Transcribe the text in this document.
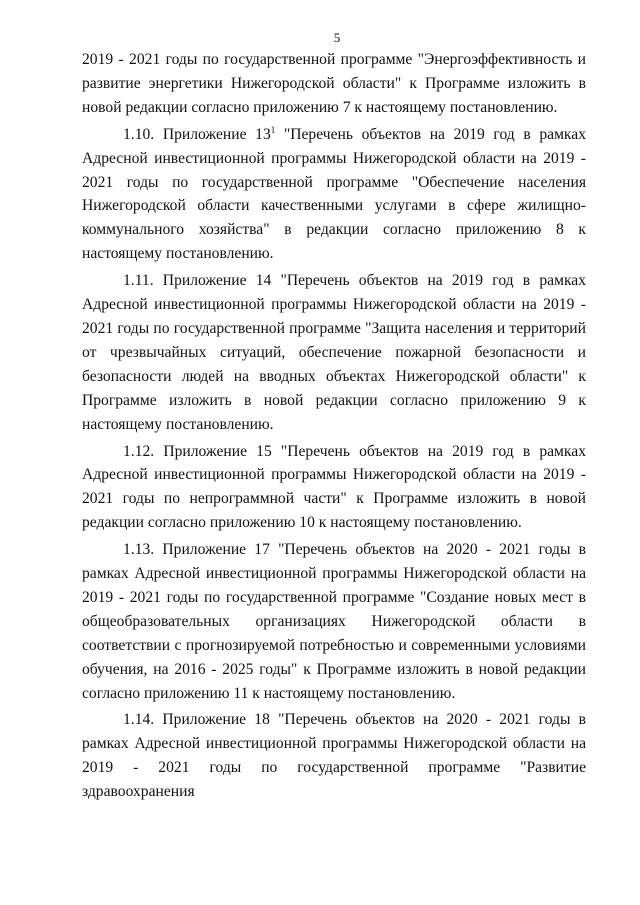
5

2019 - 2021 годы по государственной программе "Энергоэффективность и развитие энергетики Нижегородской области" к Программе изложить в новой редакции согласно приложению 7 к настоящему постановлению.

1.10. Приложение $13^1$ "Перечень объектов на 2019 год в рамках Адресной инвестиционной программы Нижегородской области на 2019 - 2021 годы по государственной программе "Обеспечение населения Нижегородской области качественными услугами в сфере жилищно-коммунального хозяйства" в редакции согласно приложению 8 к настоящему постановлению.

1.11. Приложение 14 "Перечень объектов на 2019 год в рамках Адресной инвестиционной программы Нижегородской области на 2019 - 2021 годы по государственной программе "Защита населения и территорий от чрезвычайных ситуаций, обеспечение пожарной безопасности и безопасности людей на вводных объектах Нижегородской области" к Программе изложить в новой редакции согласно приложению 9 к настоящему постановлению.

1.12. Приложение 15 "Перечень объектов на 2019 год в рамках Адресной инвестиционной программы Нижегородской области на 2019 - 2021 годы по непрограммной части" к Программе изложить в новой редакции согласно приложению 10 к настоящему постановлению.

1.13. Приложение 17 "Перечень объектов на 2020 - 2021 годы в рамках Адресной инвестиционной программы Нижегородской области на 2019 - 2021 годы по государственной программе "Создание новых мест в общеобразовательных организациях Нижегородской области в соответствии с прогнозируемой потребностью и современными условиями обучения, на 2016 - 2025 годы" к Программе изложить в новой редакции согласно приложению 11 к настоящему постановлению.

1.14. Приложение 18 "Перечень объектов на 2020 - 2021 годы в рамках Адресной инвестиционной программы Нижегородской области на 2019 - 2021 годы по государственной программе "Развитие здравоохранения
